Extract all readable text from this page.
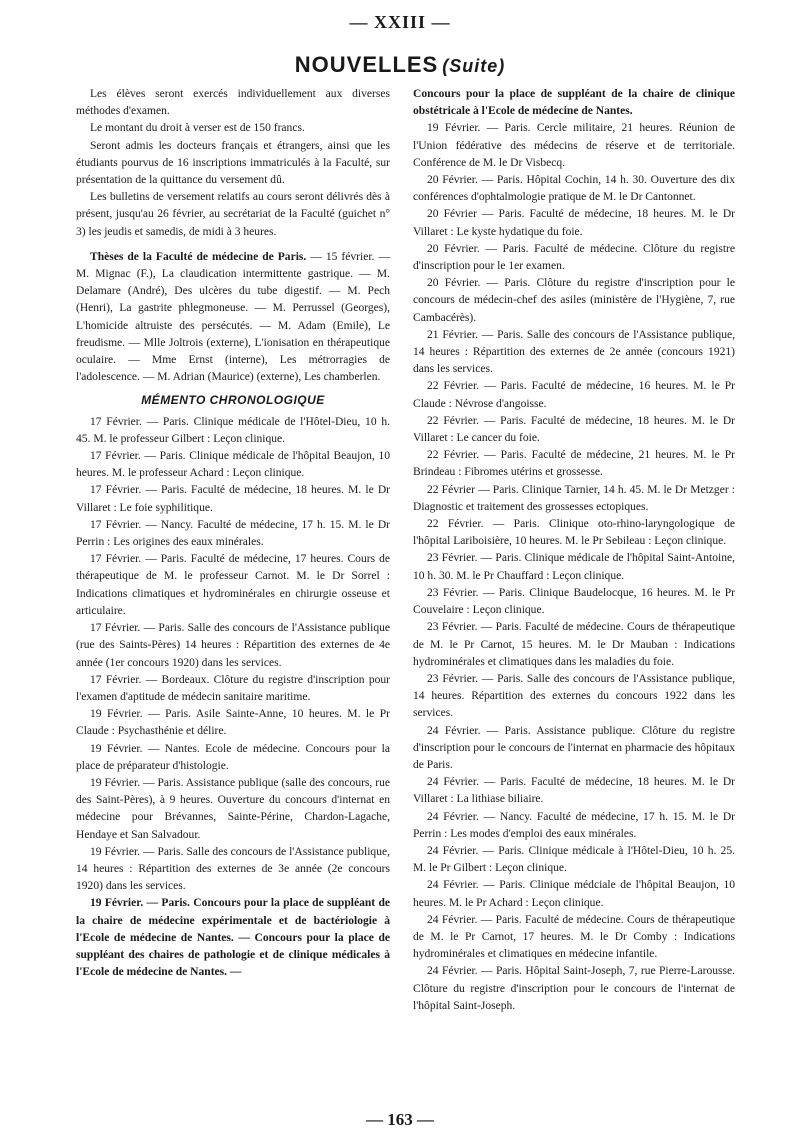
— XXIII —
NOUVELLES (Suite)

Les élèves seront exercés individuellement aux diverses méthodes d'examen.

Le montant du droit à verser est de 150 francs.

Seront admis les docteurs français et étrangers, ainsi que les étudiants pourvus de 16 inscriptions immatriculés à la Faculté, sur présentation de la quittance du versement dû.

Les bulletins de versement relatifs au cours seront délivrés dès à présent, jusqu'au 26 février, au secrétariat de la Faculté (guichet n° 3) les jeudis et samedis, de midi à 3 heures.

Thèses de la Faculté de médecine de Paris. — 15 février. — M. Mignac (F.), La claudication intermittente gastrique. — M. Delamare (André), Des ulcères du tube digestif. — M. Pech (Henri), La gastrite phlegmoneuse. — M. Perrussel (Georges), L'homicide altruiste des persécutés. — M. Adam (Emile), Le freudisme. — Mlle Joltrois (externe), L'ionisation en thérapeutique oculaire. — Mme Ernst (interne), Les métrorragies de l'adolescence. — M. Adrian (Maurice) (externe), Les chamberlen.

MÉMENTO CHRONOLOGIQUE

17 Février. — Paris. Clinique médicale de l'Hôtel-Dieu, 10 h. 45. M. le professeur Gilbert : Leçon clinique.

17 Février. — Paris. Clinique médicale de l'hôpital Beaujon, 10 heures. M. le professeur Achard : Leçon clinique.

17 Février. — Paris. Faculté de médecine, 18 heures. M. le Dr Villaret : Le foie syphilitique.

17 Février. — Nancy. Faculté de médecine, 17 h. 15. M. le Dr Perrin : Les origines des eaux minérales.

17 Février. — Paris. Faculté de médecine, 17 heures. Cours de thérapeutique de M. le professeur Carnot. M. le Dr Sorrel : Indications climatiques et hydrominérales en chirurgie osseuse et articulaire.

17 Février. — Paris. Salle des concours de l'Assistance publique (rue des Saints-Pères) 14 heures : Répartition des externes de 4e année (1er concours 1920) dans les services.

17 Février. — Bordeaux. Clôture du registre d'inscription pour l'examen d'aptitude de médecin sanitaire maritime.

19 Février. — Paris. Asile Sainte-Anne, 10 heures. M. le Pr Claude : Psychasthénie et délire.

19 Février. — Nantes. Ecole de médecine. Concours pour la place de préparateur d'histologie.

19 Février. — Paris. Assistance publique (salle des concours, rue des Saint-Pères), à 9 heures. Ouverture du concours d'internat en médecine pour Brévannes, Sainte-Périne, Chardon-Lagache, Hendaye et San Salvadour.

19 Février. — Paris. Salle des concours de l'Assistance publique, 14 heures : Répartition des externes de 3e année (2e concours 1920) dans les services.

19 Février. — Paris. Concours pour la place de suppléant de la chaire de médecine expérimentale et de bactériologie à l'Ecole de médecine de Nantes. — Concours pour la place de suppléant des chaires de pathologie et de clinique médicales à l'Ecole de médecine de Nantes. —

Concours pour la place de suppléant de la chaire de clinique obstétricale à l'Ecole de médecine de Nantes.

19 Février. — Paris. Cercle militaire, 21 heures. Réunion de l'Union fédérative des médecins de réserve et de territoriale. Conférence de M. le Dr Visbecq.

20 Février. — Paris. Hôpital Cochin, 14 h. 30. Ouverture des dix conférences d'ophtalmologie pratique de M. le Dr Cantonnet.

20 Février — Paris. Faculté de médecine, 18 heures. M. le Dr Villaret : Le kyste hydatique du foie.

20 Février. — Paris. Faculté de médecine. Clôture du registre d'inscription pour le 1er examen.

20 Février. — Paris. Clôture du registre d'inscription pour le concours de médecin-chef des asiles (ministère de l'Hygiène, 7, rue Cambacérès).

21 Février. — Paris. Salle des concours de l'Assistance publique, 14 heures : Répartition des externes de 2e année (concours 1921) dans les services.

22 Février. — Paris. Faculté de médecine, 16 heures. M. le Pr Claude : Névrose d'angoisse.

22 Février. — Paris. Faculté de médecine, 18 heures. M. le Dr Villaret : Le cancer du foie.

22 Février. — Paris. Faculté de médecine, 21 heures. M. le Pr Brindeau : Fibromes utérins et grossesse.

22 Février — Paris. Clinique Tarnier, 14 h. 45. M. le Dr Metzger : Diagnostic et traitement des grossesses ectopiques.

22 Février. — Paris. Clinique oto-rhino-laryngologique de l'hôpital Lariboisière, 10 heures. M. le Pr Sebileau : Leçon clinique.

23 Février. — Paris. Clinique médicale de l'hôpital Saint-Antoine, 10 h. 30. M. le Pr Chauffard : Leçon clinique.

23 Février. — Paris. Clinique Baudelocque, 16 heures. M. le Pr Couvelaire : Leçon clinique.

23 Février. — Paris. Faculté de médecine. Cours de thérapeutique de M. le Pr Carnot, 15 heures. M. le Dr Mauban : Indications hydrominérales et climatiques dans les maladies du foie.

23 Février. — Paris. Salle des concours de l'Assistance publique, 14 heures. Répartition des externes du concours 1922 dans les services.

24 Février. — Paris. Assistance publique. Clôture du registre d'inscription pour le concours de l'internat en pharmacie des hôpitaux de Paris.

24 Février. — Paris. Faculté de médecine, 18 heures. M. le Dr Villaret : La lithiase biliaire.

24 Février. — Nancy. Faculté de médecine, 17 h. 15. M. le Dr Perrin : Les modes d'emploi des eaux minérales.

24 Février. — Paris. Clinique médicale à l'Hôtel-Dieu, 10 h. 25. M. le Pr Gilbert : Leçon clinique.

24 Février. — Paris. Clinique médciale de l'hôpital Beaujon, 10 heures. M. le Pr Achard : Leçon clinique.

24 Février. — Paris. Faculté de médecine. Cours de thérapeutique de M. le Pr Carnot, 17 heures. M. le Dr Comby : Indications hydrominérales et climatiques en médecine infantile.

24 Février. — Paris. Hôpital Saint-Joseph, 7, rue Pierre-Larousse. Clôture du registre d'inscription pour le concours de l'internat de l'hôpital Saint-Joseph.

— 163 —
